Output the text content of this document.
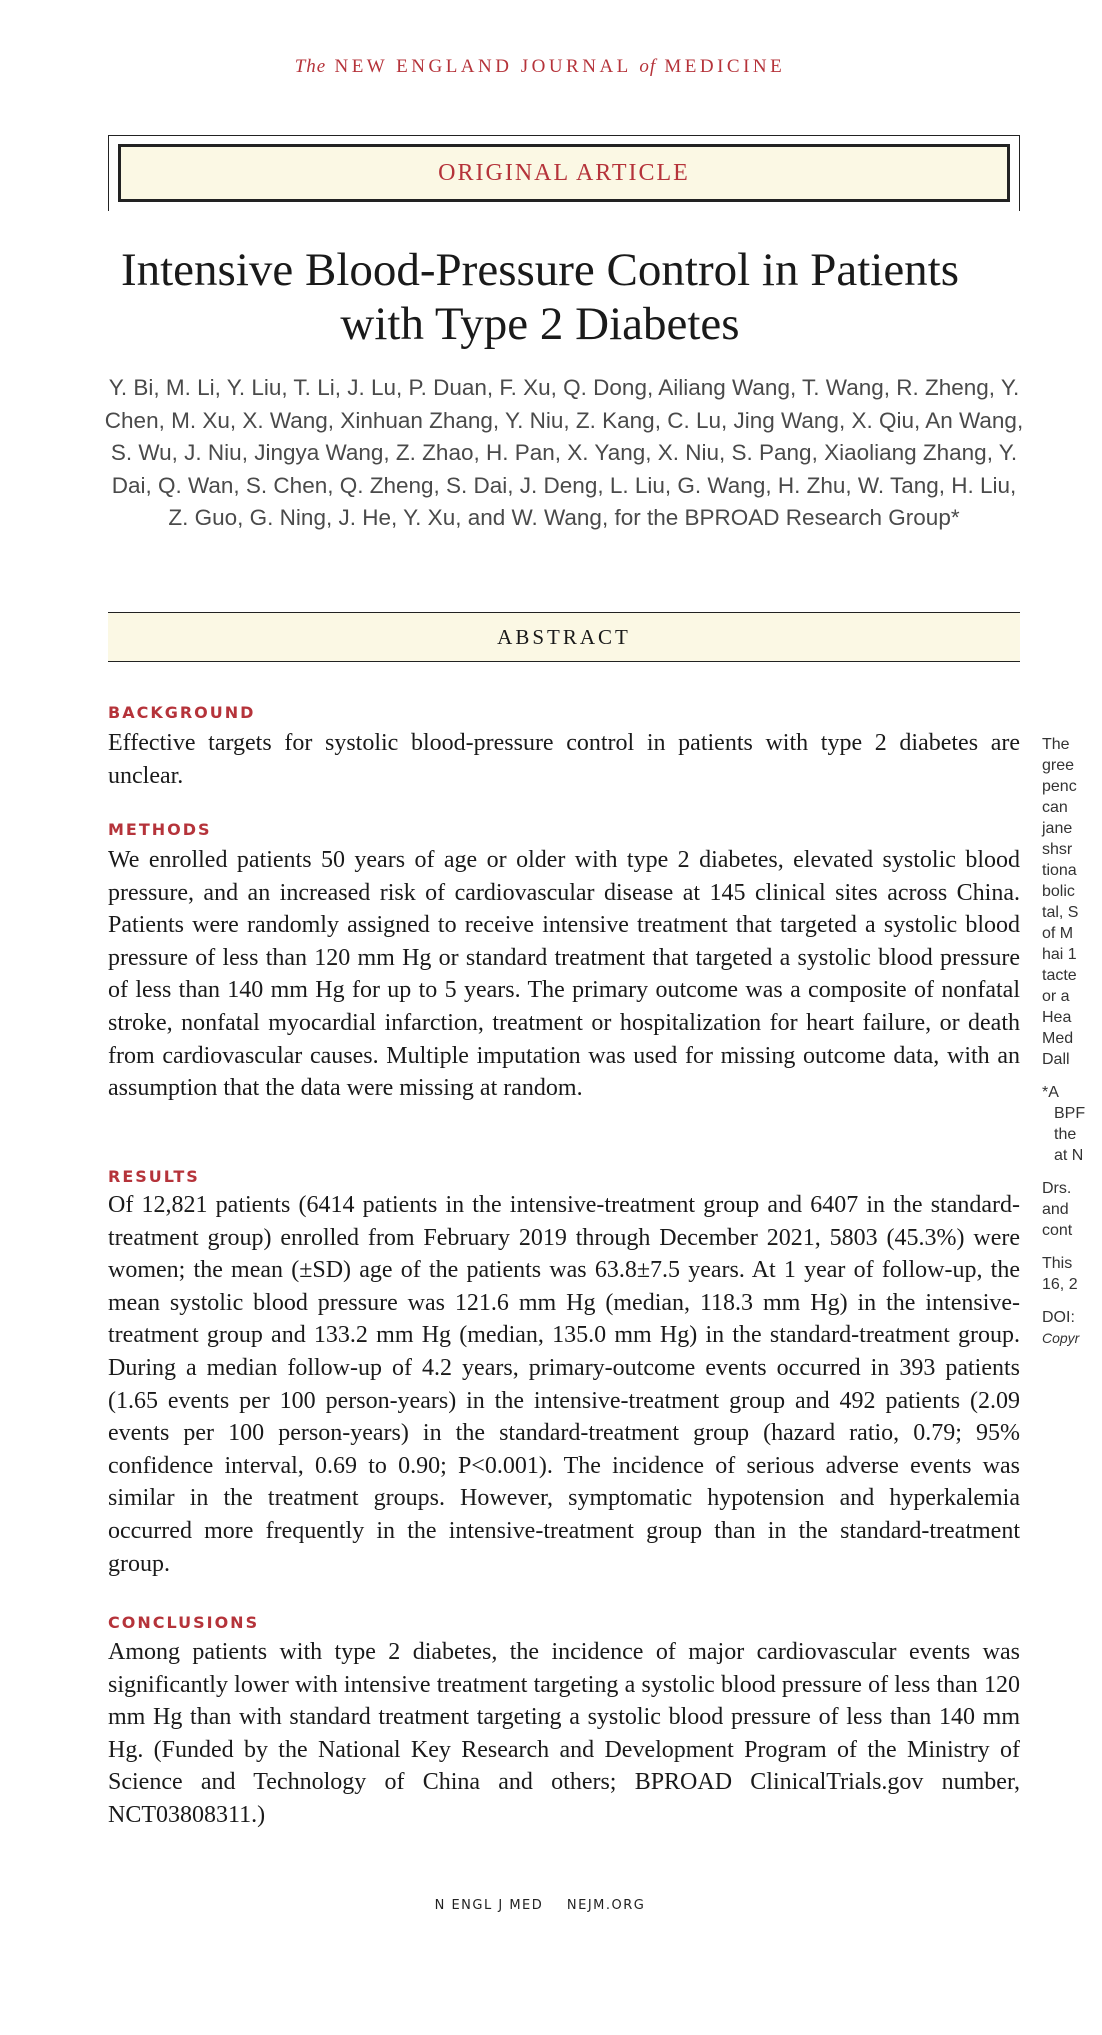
The NEW ENGLAND JOURNAL of MEDICINE
ORIGINAL ARTICLE
Intensive Blood-Pressure Control in Patients
with Type 2 Diabetes
Y. Bi, M. Li, Y. Liu, T. Li, J. Lu, P. Duan, F. Xu, Q. Dong, Ailiang Wang, T. Wang, R. Zheng, Y. Chen, M. Xu, X. Wang, Xinhuan Zhang, Y. Niu, Z. Kang, C. Lu, Jing Wang, X. Qiu, An Wang, S. Wu, J. Niu, Jingya Wang, Z. Zhao, H. Pan, X. Yang, X. Niu, S. Pang, Xiaoliang Zhang, Y. Dai, Q. Wan, S. Chen, Q. Zheng, S. Dai, J. Deng, L. Liu, G. Wang, H. Zhu, W. Tang, H. Liu, Z. Guo, G. Ning, J. He, Y. Xu, and W. Wang, for the BPROAD Research Group*
ABSTRACT
BACKGROUND
Effective targets for systolic blood-pressure control in patients with type 2 diabetes are unclear.
METHODS
We enrolled patients 50 years of age or older with type 2 diabetes, elevated systolic blood pressure, and an increased risk of cardiovascular disease at 145 clinical sites across China. Patients were randomly assigned to receive intensive treatment that targeted a systolic blood pressure of less than 120 mm Hg or standard treatment that targeted a systolic blood pressure of less than 140 mm Hg for up to 5 years. The primary outcome was a composite of nonfatal stroke, nonfatal myocardial infarction, treatment or hospitalization for heart failure, or death from cardiovascular causes. Multiple imputation was used for missing outcome data, with an assumption that the data were missing at random.
RESULTS
Of 12,821 patients (6414 patients in the intensive-treatment group and 6407 in the standard-treatment group) enrolled from February 2019 through December 2021, 5803 (45.3%) were women; the mean (±SD) age of the patients was 63.8±7.5 years. At 1 year of follow-up, the mean systolic blood pressure was 121.6 mm Hg (median, 118.3 mm Hg) in the intensive-treatment group and 133.2 mm Hg (median, 135.0 mm Hg) in the standard-treatment group. During a median follow-up of 4.2 years, primary-outcome events occurred in 393 patients (1.65 events per 100 person-years) in the intensive-treatment group and 492 patients (2.09 events per 100 person-years) in the standard-treatment group (hazard ratio, 0.79; 95% confidence interval, 0.69 to 0.90; P<0.001). The incidence of serious adverse events was similar in the treatment groups. However, symptomatic hypotension and hyperkalemia occurred more frequently in the intensive-treatment group than in the standard-treatment group.
CONCLUSIONS
Among patients with type 2 diabetes, the incidence of major cardiovascular events was significantly lower with intensive treatment targeting a systolic blood pressure of less than 120 mm Hg than with standard treatment targeting a systolic blood pressure of less than 140 mm Hg. (Funded by the National Key Research and Development Program of the Ministry of Science and Technology of China and others; BPROAD ClinicalTrials.gov number, NCT03808311.)

The

gree

penc

can

jane

shsr

tiona

bolic

tal, S

of M

hai 1

tacte

or a

Hea

Med

Dall

*A

BPF

the

at N

Drs.

and

cont

This

16, 2

DOI:

Copyr

N ENGL J MED NEJM.ORG
